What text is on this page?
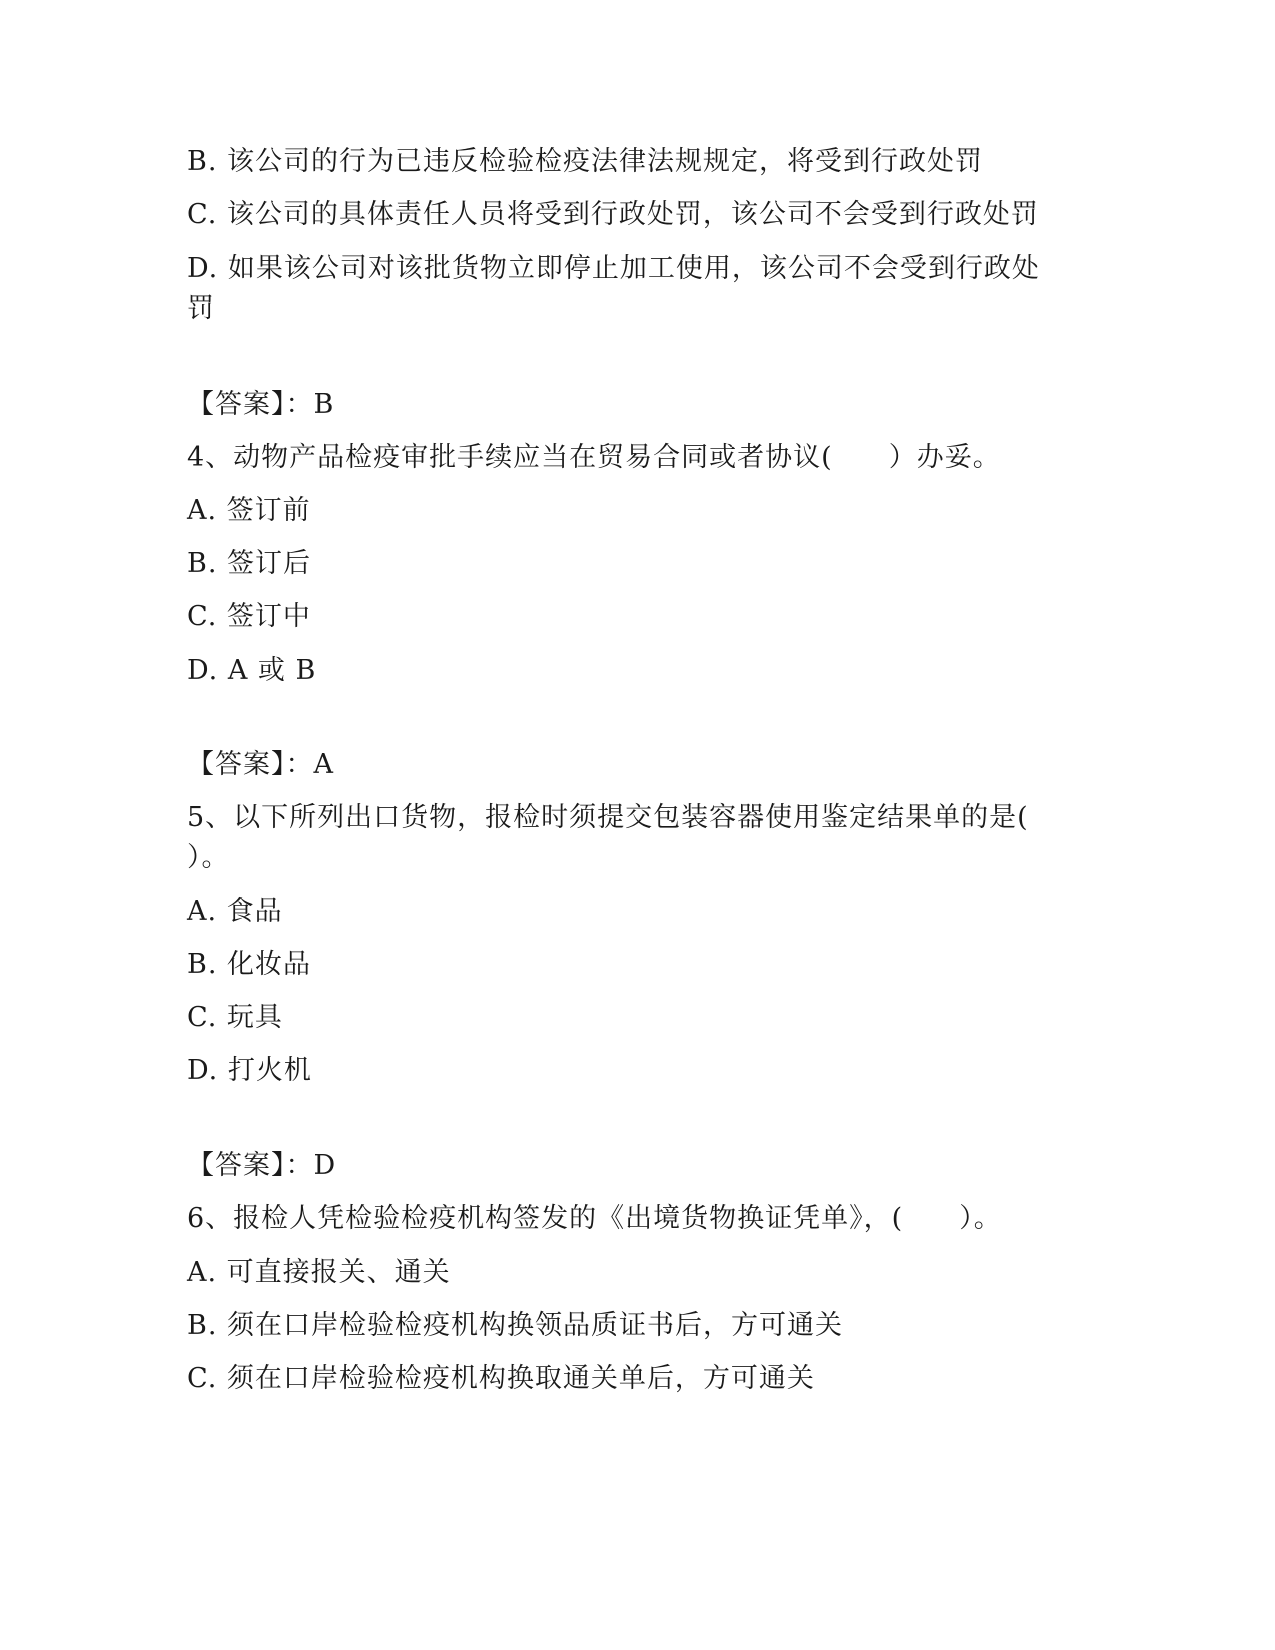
B. 该公司的行为已违反检验检疫法律法规规定，将受到行政处罚
C. 该公司的具体责任人员将受到行政处罚，该公司不会受到行政处罚
D. 如果该公司对该批货物立即停止加工使用，该公司不会受到行政处
罚
【答案】：B
4、动物产品检疫审批手续应当在贸易合同或者协议(　　）办妥。
A. 签订前
B. 签订后
C. 签订中
D. A 或 B
【答案】：A
5、以下所列出口货物，报检时须提交包装容器使用鉴定结果单的是(
）。
A. 食品
B. 化妆品
C. 玩具
D. 打火机
【答案】：D
6、报检人凭检验检疫机构签发的《出境货物换证凭单》，(　　）。
A. 可直接报关、通关
B. 须在口岸检验检疫机构换领品质证书后，方可通关
C. 须在口岸检验检疫机构换取通关单后，方可通关
